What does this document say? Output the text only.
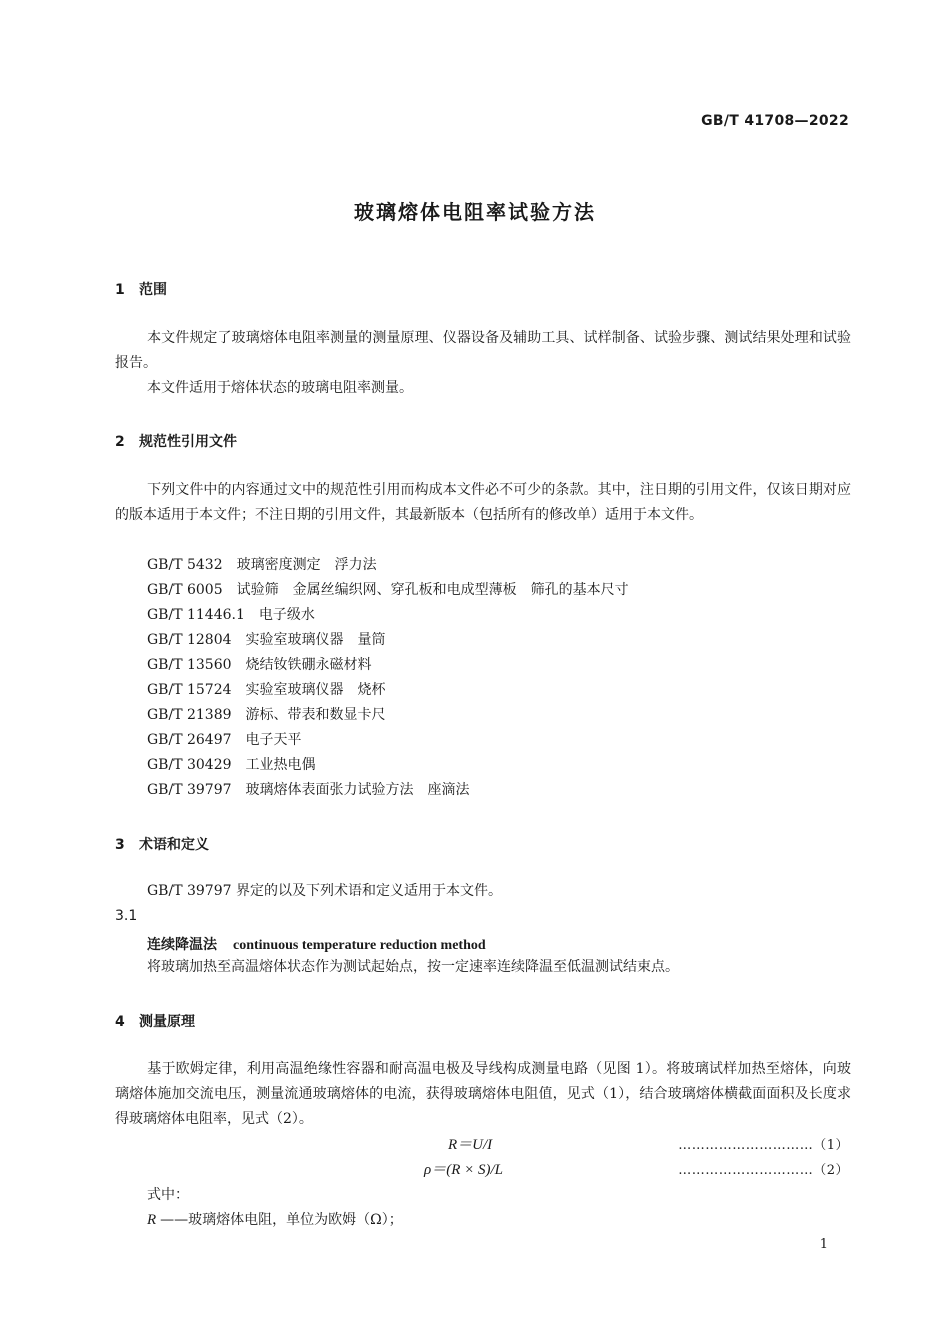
GB/T 41708—2022
玻璃熔体电阻率试验方法
1 范围
本文件规定了玻璃熔体电阻率测量的测量原理、仪器设备及辅助工具、试样制备、试验步骤、测试结果处理和试验报告。
本文件适用于熔体状态的玻璃电阻率测量。
2 规范性引用文件
下列文件中的内容通过文中的规范性引用而构成本文件必不可少的条款。其中，注日期的引用文件，仅该日期对应的版本适用于本文件；不注日期的引用文件，其最新版本（包括所有的修改单）适用于本文件。
GB/T 5432 玻璃密度测定　浮力法
GB/T 6005 试验筛　金属丝编织网、穿孔板和电成型薄板　筛孔的基本尺寸
GB/T 11446.1 电子级水
GB/T 12804 实验室玻璃仪器　量筒
GB/T 13560 烧结钕铁硼永磁材料
GB/T 15724 实验室玻璃仪器　烧杯
GB/T 21389 游标、带表和数显卡尺
GB/T 26497 电子天平
GB/T 30429 工业热电偶
GB/T 39797 玻璃熔体表面张力试验方法　座滴法
3 术语和定义
GB/T 39797 界定的以及下列术语和定义适用于本文件。
3.1
连续降温法 continuous temperature reduction method
将玻璃加热至高温熔体状态作为测试起始点，按一定速率连续降温至低温测试结束点。
4 测量原理
基于欧姆定律，利用高温绝缘性容器和耐高温电极及导线构成测量电路（见图 1）。将玻璃试样加热至熔体，向玻璃熔体施加交流电压，测量流通玻璃熔体的电流，获得玻璃熔体电阻值，见式（1），结合玻璃熔体横截面面积及长度求得玻璃熔体电阻率，见式（2）。
R＝U/I	…………………………（1）
ρ＝(R × S)/L	…………………………（2）
式中：
R ——玻璃熔体电阻，单位为欧姆（Ω）；
1
